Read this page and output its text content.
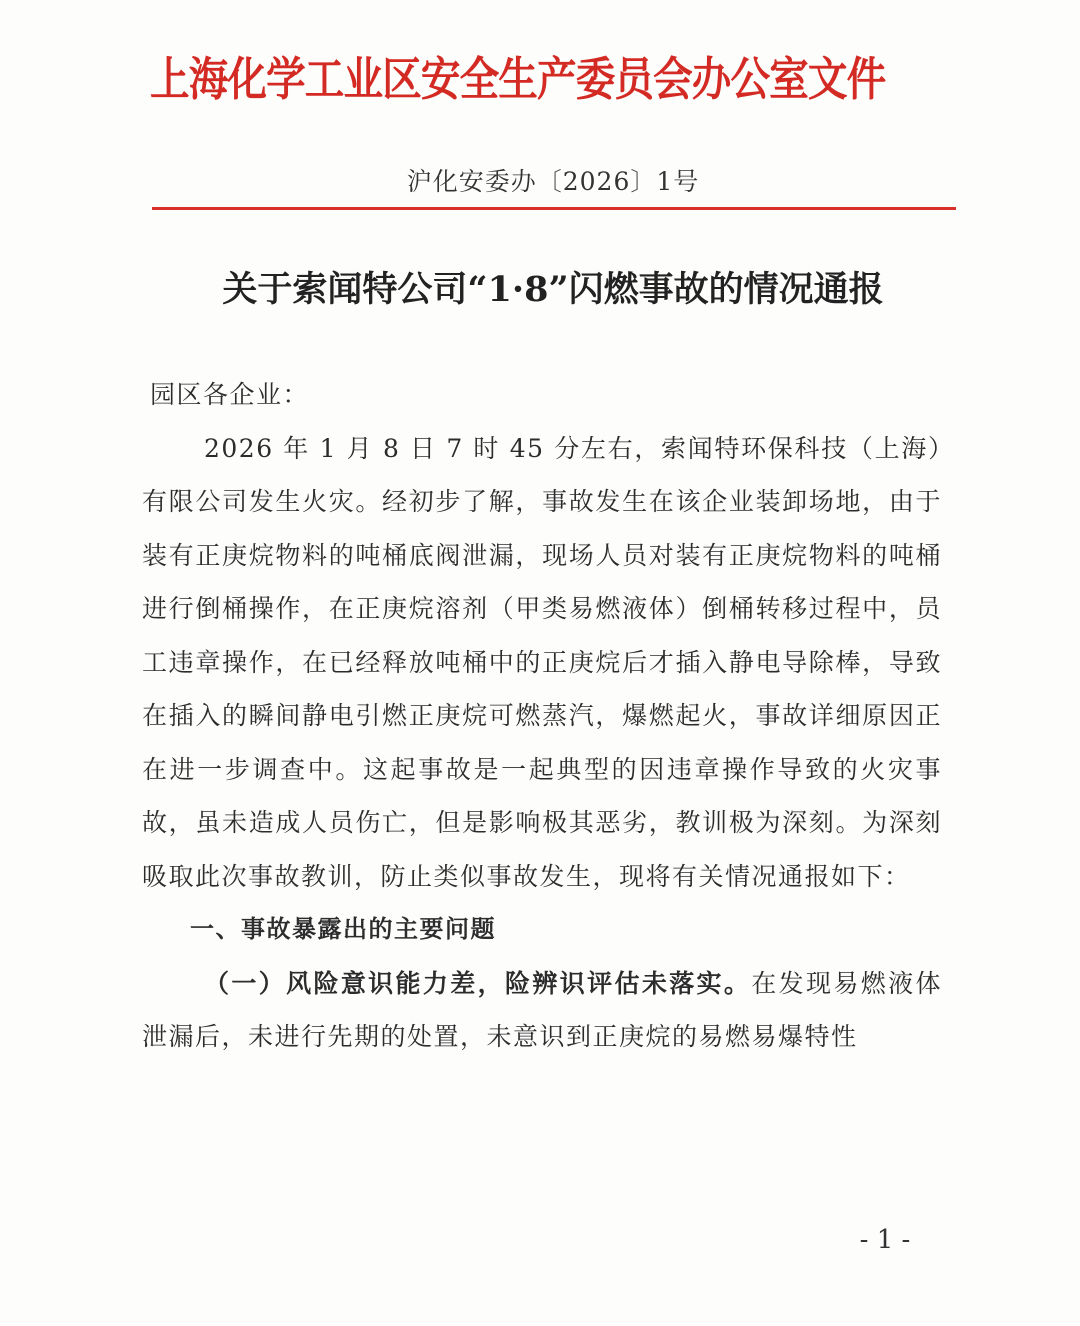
上海化学工业区安全生产委员会办公室文件
沪化安委办〔2026〕1号
关于索闻特公司“1·8”闪燃事故的情况通报

园区各企业：

2026 年 1 月 8 日 7 时 45 分左右，索闻特环保科技（上海）有限公司发生火灾。经初步了解，事故发生在该企业装卸场地，由于装有正庚烷物料的吨桶底阀泄漏，现场人员对装有正庚烷物料的吨桶进行倒桶操作，在正庚烷溶剂（甲类易燃液体）倒桶转移过程中，员工违章操作，在已经释放吨桶中的正庚烷后才插入静电导除棒，导致在插入的瞬间静电引燃正庚烷可燃蒸汽，爆燃起火，事故详细原因正在进一步调查中。这起事故是一起典型的因违章操作导致的火灾事故，虽未造成人员伤亡，但是影响极其恶劣，教训极为深刻。为深刻吸取此次事故教训，防止类似事故发生，现将有关情况通报如下：

一、事故暴露出的主要问题

（一）风险意识能力差，险辨识评估未落实。在发现易燃液体泄漏后，未进行先期的处置，未意识到正庚烷的易燃易爆特性

- 1 -
